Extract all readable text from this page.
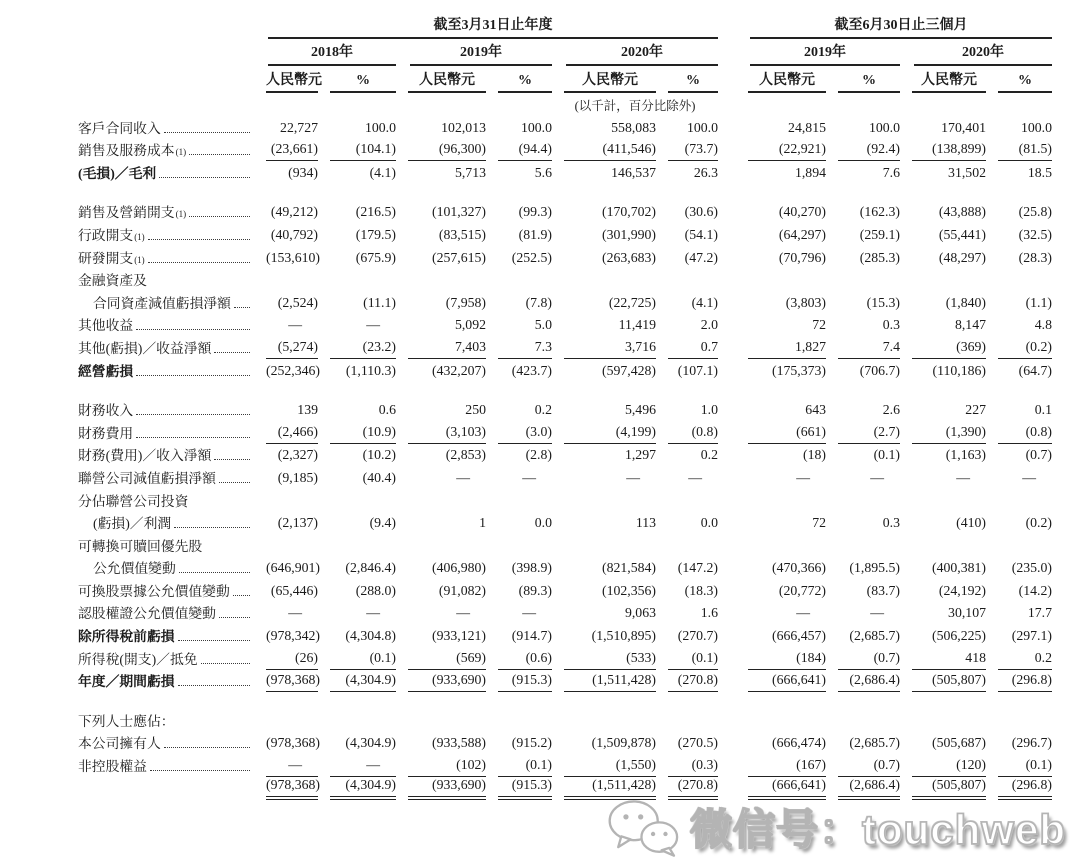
截至3月31日止年度	截至6月30日止三個月
2018年	2019年	2020年	2019年	2020年
人民幣元	%	人民幣元	%	人民幣元	%	人民幣元	%	人民幣元	%
(以千計，百分比除外)
客戶合同收入	22,727	100.0	102,013	100.0	558,083	100.0	24,815	100.0	170,401	100.0
銷售及服務成本 (1)	(23,661)	(104.1)	(96,300)	(94.4)	(411,546)	(73.7)	(22,921)	(92.4)	(138,899)	(81.5)
(毛損)／毛利	(934)	(4.1)	5,713	5.6	146,537	26.3	1,894	7.6	31,502	18.5
銷售及營銷開支 (1)	(49,212)	(216.5)	(101,327)	(99.3)	(170,702)	(30.6)	(40,270)	(162.3)	(43,888)	(25.8)
行政開支 (1)	(40,792)	(179.5)	(83,515)	(81.9)	(301,990)	(54.1)	(64,297)	(259.1)	(55,441)	(32.5)
研發開支 (1)	(153,610)	(675.9)	(257,615)	(252.5)	(263,683)	(47.2)	(70,796)	(285.3)	(48,297)	(28.3)
金融資產及
合同資產減值虧損淨額	(2,524)	(11.1)	(7,958)	(7.8)	(22,725)	(4.1)	(3,803)	(15.3)	(1,840)	(1.1)
其他收益	—	—	5,092	5.0	11,419	2.0	72	0.3	8,147	4.8
其他(虧損)／收益淨額	(5,274)	(23.2)	7,403	7.3	3,716	0.7	1,827	7.4	(369)	(0.2)
經營虧損	(252,346)	(1,110.3)	(432,207)	(423.7)	(597,428)	(107.1)	(175,373)	(706.7)	(110,186)	(64.7)
財務收入	139	0.6	250	0.2	5,496	1.0	643	2.6	227	0.1
財務費用	(2,466)	(10.9)	(3,103)	(3.0)	(4,199)	(0.8)	(661)	(2.7)	(1,390)	(0.8)
財務(費用)／收入淨額	(2,327)	(10.2)	(2,853)	(2.8)	1,297	0.2	(18)	(0.1)	(1,163)	(0.7)
聯營公司減值虧損淨額	(9,185)	(40.4)	—	—	—	—	—	—	—	—
分佔聯營公司投資
(虧損)／利潤	(2,137)	(9.4)	1	0.0	113	0.0	72	0.3	(410)	(0.2)
可轉換可贖回優先股
公允價值變動	(646,901)	(2,846.4)	(406,980)	(398.9)	(821,584)	(147.2)	(470,366)	(1,895.5)	(400,381)	(235.0)
可換股票據公允價值變動	(65,446)	(288.0)	(91,082)	(89.3)	(102,356)	(18.3)	(20,772)	(83.7)	(24,192)	(14.2)
認股權證公允價值變動	—	—	—	—	9,063	1.6	—	—	30,107	17.7
除所得稅前虧損	(978,342)	(4,304.8)	(933,121)	(914.7)	(1,510,895)	(270.7)	(666,457)	(2,685.7)	(506,225)	(297.1)
所得稅(開支)／抵免	(26)	(0.1)	(569)	(0.6)	(533)	(0.1)	(184)	(0.7)	418	0.2
年度／期間虧損	(978,368)	(4,304.9)	(933,690)	(915.3)	(1,511,428)	(270.8)	(666,641)	(2,686.4)	(505,807)	(296.8)
下列人士應佔：
本公司擁有人	(978,368)	(4,304.9)	(933,588)	(915.2)	(1,509,878)	(270.5)	(666,474)	(2,685.7)	(505,687)	(296.7)
非控股權益	—	—	(102)	(0.1)	(1,550)	(0.3)	(167)	(0.7)	(120)	(0.1)
(978,368)	(4,304.9)	(933,690)	(915.3)	(1,511,428)	(270.8)	(666,641)	(2,686.4)	(505,807)	(296.8)
微信号：touchweb
